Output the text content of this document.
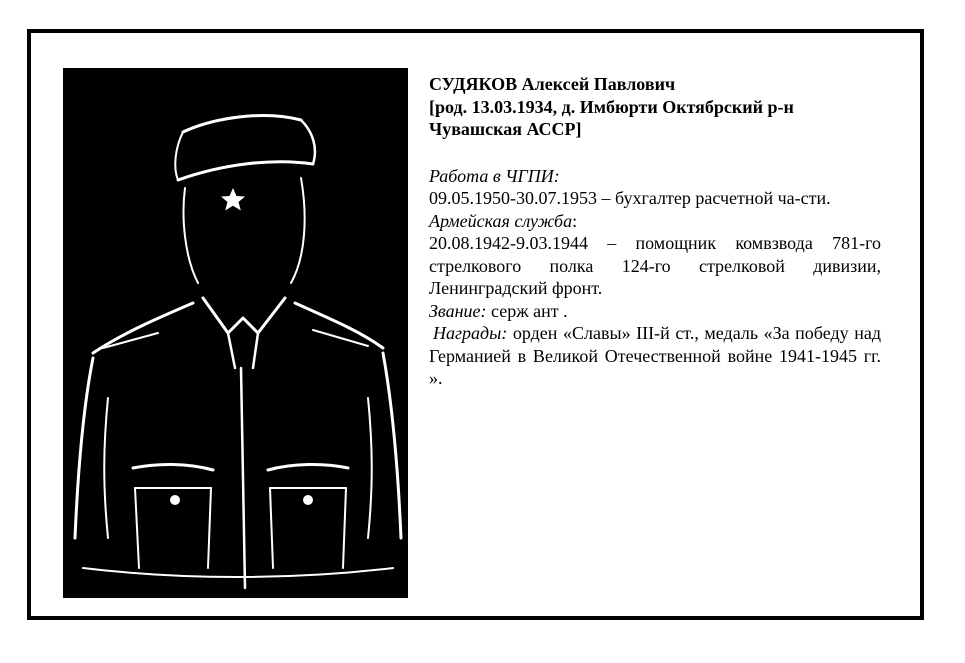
СУДЯКОВ Алексей Павлович

[род. 13.03.1934, д. Имбюрти Октябрский р-н

Чувашская АССР]

Работа в ЧГПИ:

09.05.1950-30.07.1953 – бухгалтер расчетной ча-сти.

Армейская служба:

20.08.1942-9.03.1944 – помощник комвзвода 781-го стрелкового полка 124-го стрелковой дивизии, Ленинградский фронт.

Звание: серж ант .

Награды: орден «Славы» III-й ст., медаль «За победу над Германией в Великой Отечественной войне 1941-1945 гг. ».
